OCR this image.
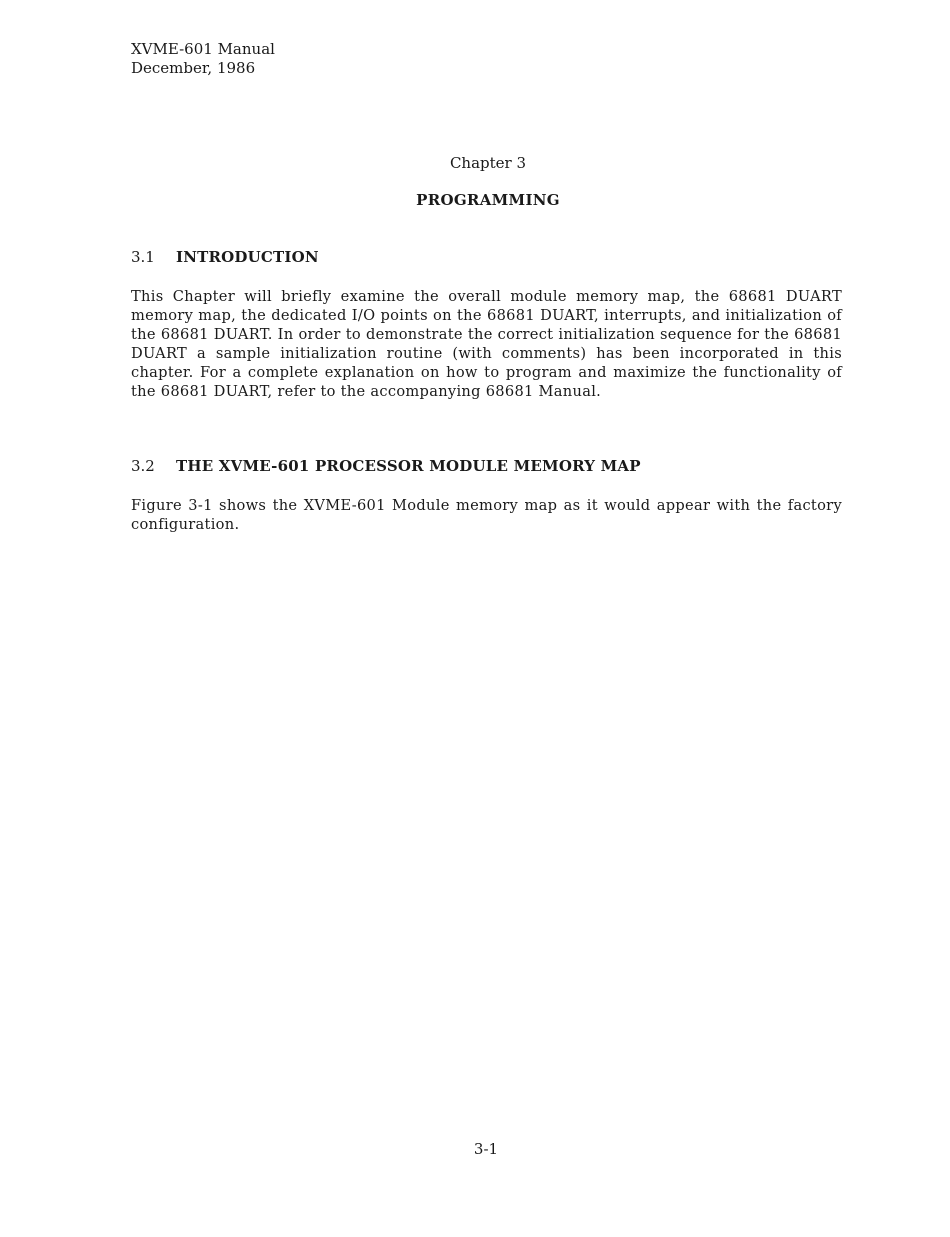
XVME-601 Manual
December, 1986
Chapter 3
PROGRAMMING
3.1 INTRODUCTION
This Chapter will briefly examine the overall module memory map, the 68681 DUART memory map, the dedicated I/O points on the 68681 DUART, interrupts, and initialization of the 68681 DUART. In order to demonstrate the correct initialization sequence for the 68681 DUART a sample initialization routine (with comments) has been incorporated in this chapter. For a complete explanation on how to program and maximize the functionality of the 68681 DUART, refer to the accompanying 68681 Manual.
3.2 THE XVME-601 PROCESSOR MODULE MEMORY MAP
Figure 3-1 shows the XVME-601 Module memory map as it would appear with the factory configuration.
3-1
